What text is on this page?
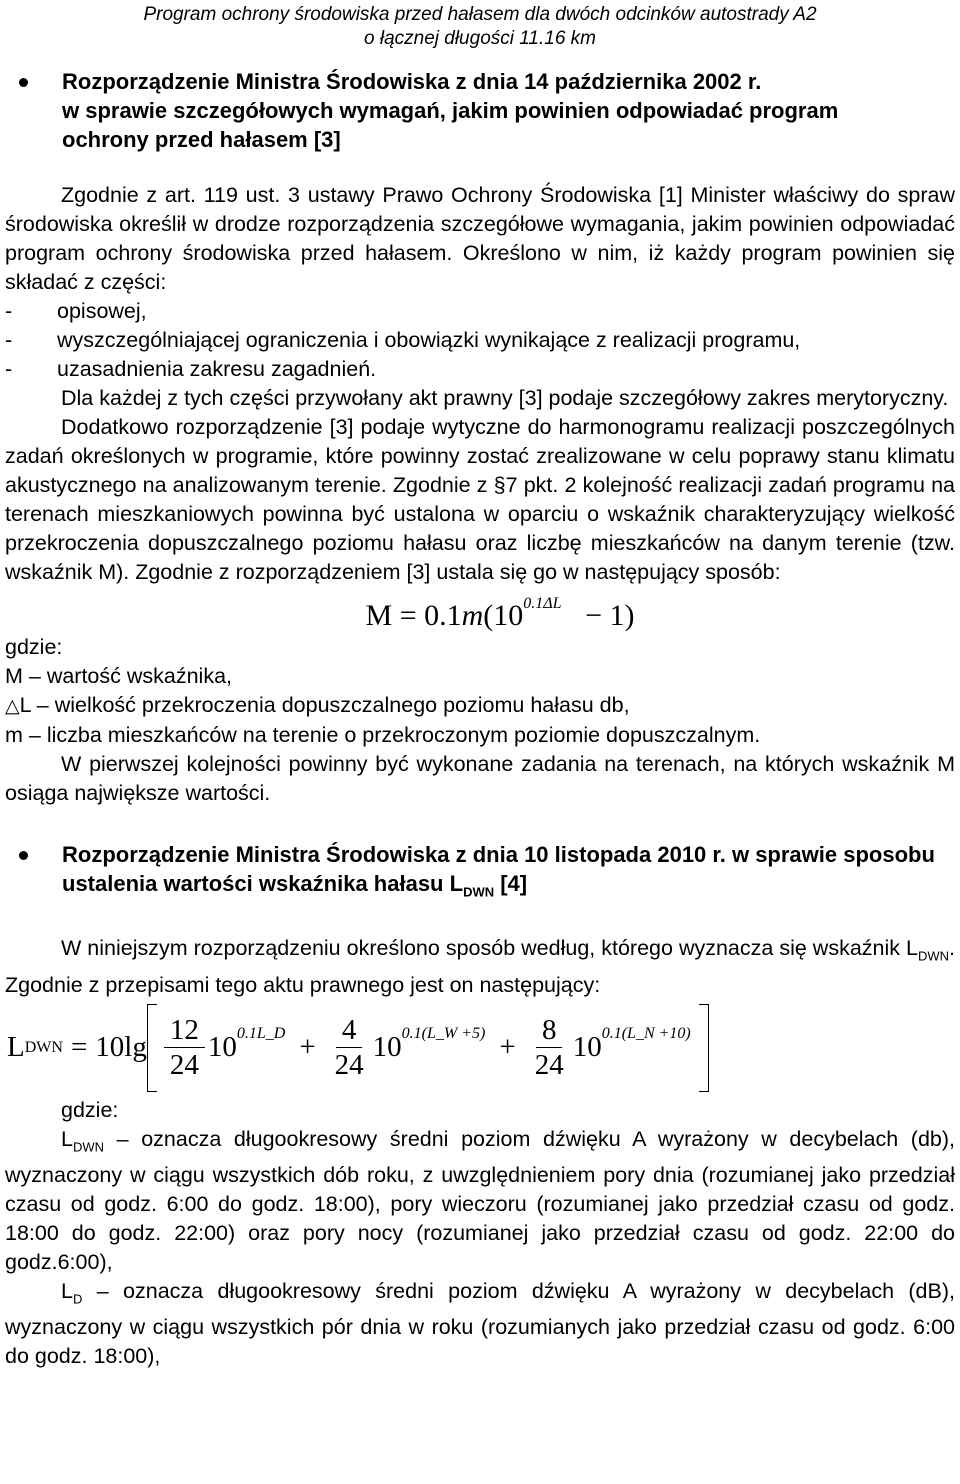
Program ochrony środowiska przed hałasem dla dwóch odcinków autostrady A2
o łącznej długości 11.16 km
Rozporządzenie Ministra Środowiska z dnia 14 października 2002 r.
w sprawie szczegółowych wymagań, jakim powinien odpowiadać program
ochrony przed hałasem [3]

Zgodnie z art. 119 ust. 3 ustawy Prawo Ochrony Środowiska [1] Minister właściwy do spraw środowiska określił w drodze rozporządzenia szczegółowe wymagania, jakim powinien odpowiadać program ochrony środowiska przed hałasem. Określono w nim, iż każdy program powinien się składać z części:

- opisowej,
- wyszczególniającej ograniczenia i obowiązki wynikające z realizacji programu,
- uzasadnienia zakresu zagadnień.

Dla każdej z tych części przywołany akt prawny [3] podaje szczegółowy zakres merytoryczny.

Dodatkowo rozporządzenie [3] podaje wytyczne do harmonogramu realizacji poszczególnych zadań określonych w programie, które powinny zostać zrealizowane w celu poprawy stanu klimatu akustycznego na analizowanym terenie. Zgodnie z §7 pkt. 2 kolejność realizacji zadań programu na terenach mieszkaniowych powinna być ustalona w oparciu o wskaźnik charakteryzujący wielkość przekroczenia dopuszczalnego poziomu hałasu oraz liczbę mieszkańców na danym terenie (tzw. wskaźnik M). Zgodnie z rozporządzeniem [3] ustala się go w następujący sposób:

$M = 0.1m(10^{0.1\Delta L} - 1)$

gdzie:

M – wartość wskaźnika,

△L – wielkość przekroczenia dopuszczalnego poziomu hałasu db,

m – liczba mieszkańców na terenie o przekroczonym poziomie dopuszczalnym.

W pierwszej kolejności powinny być wykonane zadania na terenach, na których wskaźnik M osiąga największe wartości.

Rozporządzenie Ministra Środowiska z dnia 10 listopada 2010 r. w sprawie sposobu ustalenia wartości wskaźnika hałasu $L_{DWN}$ [4]

W niniejszym rozporządzeniu określono sposób według, którego wyznacza się wskaźnik $L_{DWN}$. Zgodnie z przepisami tego aktu prawnego jest on następujący:

L DWN = $10\lg \frac{12}{24} 10$ 0.1L_D + $\frac{4}{24} 10$ 0.1(L_W $+5) + \frac{8}{24} 10$ 0.1(L_N +10)

gdzie:

$L_{DWN}$ – oznacza długookresowy średni poziom dźwięku A wyrażony w decybelach (db), wyznaczony w ciągu wszystkich dób roku, z uwzględnieniem pory dnia (rozumianej jako przedział czasu od godz. 6:00 do godz. 18:00), pory wieczoru (rozumianej jako przedział czasu od godz. 18:00 do godz. 22:00) oraz pory nocy (rozumianej jako przedział czasu od godz. 22:00 do godz.6:00),

$L_D$ – oznacza długookresowy średni poziom dźwięku A wyrażony w decybelach (dB), wyznaczony w ciągu wszystkich pór dnia w roku (rozumianych jako przedział czasu od godz. 6:00 do godz. 18:00),
